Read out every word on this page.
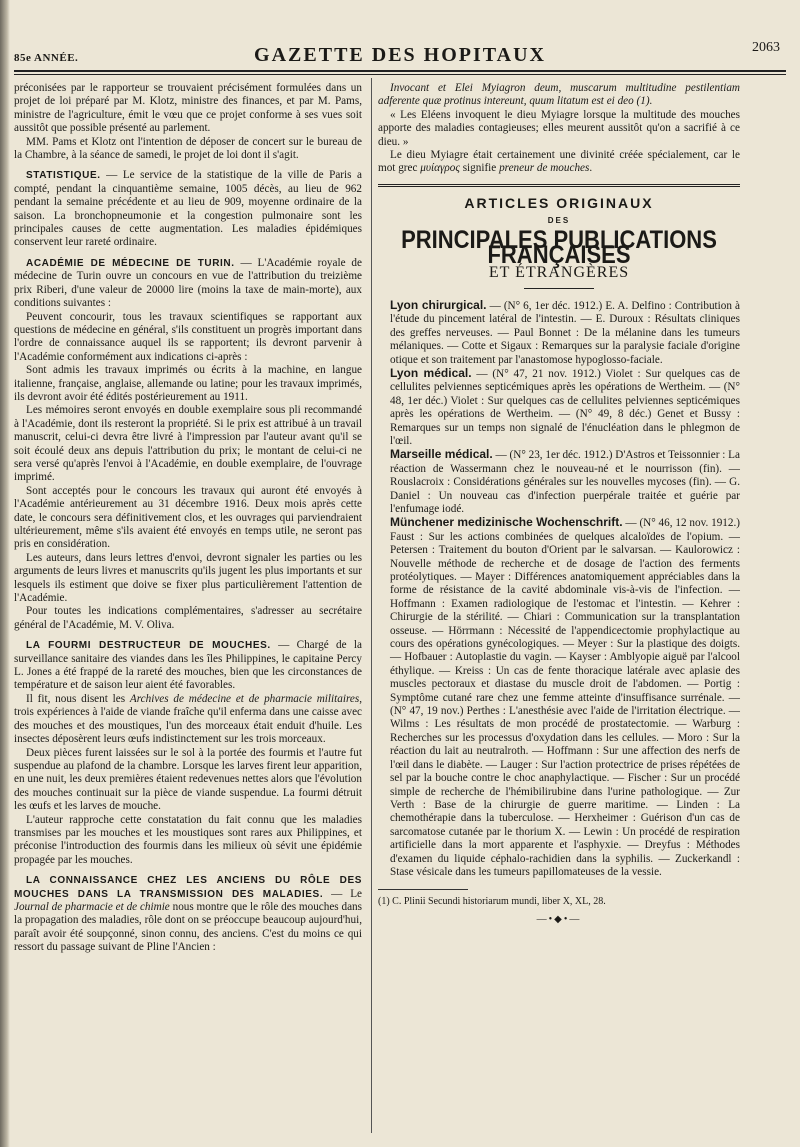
85e ANNÉE.	GAZETTE DES HOPITAUX	2063

préconisées par le rapporteur se trouvaient précisément formulées dans un projet de loi préparé par M. Klotz, ministre des finances, et par M. Pams, ministre de l'agriculture, émit le vœu que ce projet conforme à ses vues soit aussitôt que possible présenté au parlement.

MM. Pams et Klotz ont l'intention de déposer de concert sur le bureau de la Chambre, à la séance de samedi, le projet de loi dont il s'agit.

STATISTIQUE. — Le service de la statistique de la ville de Paris a compté, pendant la cinquantième semaine, 1005 décès, au lieu de 962 pendant la semaine précédente et au lieu de 909, moyenne ordinaire de la saison. La bronchopneumonie et la congestion pulmonaire sont les principales causes de cette augmentation. Les maladies épidémiques conservent leur rareté ordinaire.

ACADÉMIE DE MÉDECINE DE TURIN. — L'Académie royale de médecine de Turin ouvre un concours en vue de l'attribution du treizième prix Riberi, d'une valeur de 20000 lire (moins la taxe de main-morte), aux conditions suivantes :

Peuvent concourir, tous les travaux scientifiques se rapportant aux questions de médecine en général, s'ils constituent un progrès important dans l'ordre de connaissance auquel ils se rapportent; ils devront parvenir à l'Académie conformément aux indications ci-après :

Sont admis les travaux imprimés ou écrits à la machine, en langue italienne, française, anglaise, allemande ou latine; pour les travaux imprimés, ils devront avoir été édités postérieurement au 1911.

Les mémoires seront envoyés en double exemplaire sous pli recommandé à l'Académie, dont ils resteront la propriété. Si le prix est attribué à un travail manuscrit, celui-ci devra être livré à l'impression par l'auteur avant qu'il se soit écoulé deux ans depuis l'attribution du prix; le montant de celui-ci ne sera versé qu'après l'envoi à l'Académie, en double exemplaire, de l'ouvrage imprimé.

Sont acceptés pour le concours les travaux qui auront été envoyés à l'Académie antérieurement au 31 décembre 1916. Deux mois après cette date, le concours sera définitivement clos, et les ouvrages qui parviendraient ultérieurement, même s'ils avaient été envoyés en temps utile, ne seront pas pris en considération.

Les auteurs, dans leurs lettres d'envoi, devront signaler les parties ou les arguments de leurs livres et manuscrits qu'ils jugent les plus importants et sur lesquels ils estiment que doive se fixer plus particulièrement l'attention de l'Académie.

Pour toutes les indications complémentaires, s'adresser au secrétaire général de l'Académie, M. V. Oliva.

LA FOURMI DESTRUCTEUR DE MOUCHES. — Chargé de la surveillance sanitaire des viandes dans les îles Philippines, le capitaine Percy L. Jones a été frappé de la rareté des mouches, bien que les circonstances de température et de saison leur aient été favorables.

Il fit, nous disent les Archives de médecine et de pharmacie militaires, trois expériences à l'aide de viande fraîche qu'il enferma dans une caisse avec des mouches et des moustiques, l'un des morceaux était enduit d'huile. Les insectes déposèrent leurs œufs indistinctement sur les trois morceaux.

Deux pièces furent laissées sur le sol à la portée des fourmis et l'autre fut suspendue au plafond de la chambre. Lorsque les larves firent leur apparition, en une nuit, les deux premières étaient redevenues nettes alors que l'évolution des mouches continuait sur la pièce de viande suspendue. La fourmi détruit les œufs et les larves de mouche.

L'auteur rapproche cette constatation du fait connu que les maladies transmises par les mouches et les moustiques sont rares aux Philippines, et préconise l'introduction des fourmis dans les milieux où sévit une épidémie propagée par les mouches.

LA CONNAISSANCE CHEZ LES ANCIENS DU RÔLE DES MOUCHES DANS LA TRANSMISSION DES MALADIES. — Le Journal de pharmacie et de chimie nous montre que le rôle des mouches dans la propagation des maladies, rôle dont on se préoccupe beaucoup aujourd'hui, paraît avoir été soupçonné, sinon connu, des anciens. C'est du moins ce qui ressort du passage suivant de Pline l'Ancien :

Invocant et Elei Myiagron deum, muscarum multitudine pestilentiam adferente quæ protinus intereunt, quum litatum est ei deo (1).

« Les Eléens invoquent le dieu Myiagre lorsque la multitude des mouches apporte des maladies contagieuses; elles meurent aussitôt qu'on a sacrifié à ce dieu. »

Le dieu Myiagre était certainement une divinité créée spécialement, car le mot grec μυίαγρος signifie preneur de mouches.

ARTICLES ORIGINAUX
DES
PRINCIPALES PUBLICATIONS FRANÇAISES
ET ÉTRANGÈRES

Lyon chirurgical. — (N° 6, 1er déc. 1912.) E. A. Delfino : Contribution à l'étude du pincement latéral de l'intestin. — E. Duroux : Résultats cliniques des greffes nerveuses. — Paul Bonnet : De la mélanine dans les tumeurs mélaniques. — Cotte et Sigaux : Remarques sur la paralysie faciale d'origine otique et son traitement par l'anastomose hypoglosso-faciale.

Lyon médical. — (N° 47, 21 nov. 1912.) Violet : Sur quelques cas de cellulites pelviennes septicémiques après les opérations de Wertheim. — (N° 48, 1er déc.) Violet : Sur quelques cas de cellulites pelviennes septicémiques après les opérations de Wertheim. — (N° 49, 8 déc.) Genet et Bussy : Remarques sur un temps non signalé de l'énucléation dans le phlegmon de l'œil.

Marseille médical. — (N° 23, 1er déc. 1912.) D'Astros et Teissonnier : La réaction de Wassermann chez le nouveau-né et le nourrisson (fin). — Rouslacroix : Considérations générales sur les nouvelles mycoses (fin). — G. Daniel : Un nouveau cas d'infection puerpérale traitée et guérie par l'enfumage iodé.

Münchener medizinische Wochenschrift. — (N° 46, 12 nov. 1912.) Faust : Sur les actions combinées de quelques alcaloïdes de l'opium. — Petersen : Traitement du bouton d'Orient par le salvarsan. — Kaulorowicz : Nouvelle méthode de recherche et de dosage de l'action des ferments protéolytiques. — Mayer : Différences anatomiquement appréciables dans la forme de résistance de la cavité abdominale vis-à-vis de l'infection. — Hoffmann : Examen radiologique de l'estomac et l'intestin. — Kehrer : Chirurgie de la stérilité. — Chiari : Communication sur la transplantation osseuse. — Hörrmann : Nécessité de l'appendicectomie prophylactique au cours des opérations gynécologiques. — Meyer : Sur la plastique des doigts. — Hofbauer : Autoplastie du vagin. — Kayser : Amblyopie aiguë par l'alcool éthylique. — Kreiss : Un cas de fente thoracique latérale avec aplasie des muscles pectoraux et diastase du muscle droit de l'abdomen. — Portig : Symptôme cutané rare chez une femme atteinte d'insuffisance surrénale. — (N° 47, 19 nov.) Perthes : L'anesthésie avec l'aide de l'irritation électrique. — Wilms : Les résultats de mon procédé de prostatectomie. — Warburg : Recherches sur les processus d'oxydation dans les cellules. — Moro : Sur la réaction du lait au neutralroth. — Hoffmann : Sur une affection des nerfs de l'œil dans le diabète. — Lauger : Sur l'action protectrice de prises répétées de sel par la bouche contre le choc anaphylactique. — Fischer : Sur un procédé simple de recherche de l'hémibilirubine dans l'urine pathologique. — Zur Verth : Base de la chirurgie de guerre maritime. — Linden : La chemothérapie dans la tuberculose. — Herxheimer : Guérison d'un cas de sarcomatose cutanée par le thorium X. — Lewin : Un procédé de respiration artificielle dans la mort apparente et l'asphyxie. — Dreyfus : Méthodes d'examen du liquide céphalo-rachidien dans la syphilis. — Zuckerkandl : Stase vésicale dans les tumeurs papillomateuses de la vessie.

(1) C. Plinii Secundi historiarum mundi, liber X, XL, 28.

—•◆•—
